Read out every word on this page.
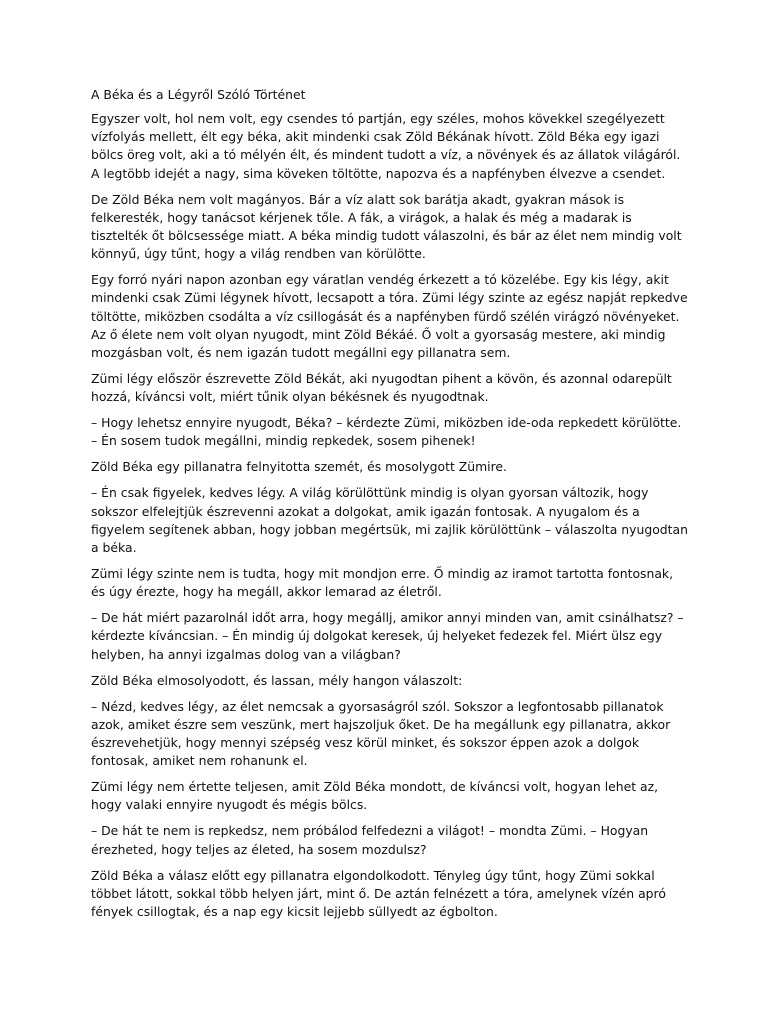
A Béka és a Légyről Szóló Történet

Egyszer volt, hol nem volt, egy csendes tó partján, egy széles, mohos kövekkel szegélyezett vízfolyás mellett, élt egy béka, akit mindenki csak Zöld Békának hívott. Zöld Béka egy igazi bölcs öreg volt, aki a tó mélyén élt, és mindent tudott a víz, a növények és az állatok világáról. A legtöbb idejét a nagy, sima köveken töltötte, napozva és a napfényben élvezve a csendet.

De Zöld Béka nem volt magányos. Bár a víz alatt sok barátja akadt, gyakran mások is felkeresték, hogy tanácsot kérjenek tőle. A fák, a virágok, a halak és még a madarak is tisztelték őt bölcsessége miatt. A béka mindig tudott válaszolni, és bár az élet nem mindig volt könnyű, úgy tűnt, hogy a világ rendben van körülötte.

Egy forró nyári napon azonban egy váratlan vendég érkezett a tó közelébe. Egy kis légy, akit mindenki csak Zümi légynek hívott, lecsapott a tóra. Zümi légy szinte az egész napját repkedve töltötte, miközben csodálta a víz csillogását és a napfényben fürdő szélén virágzó növényeket. Az ő élete nem volt olyan nyugodt, mint Zöld Békáé. Ő volt a gyorsaság mestere, aki mindig mozgásban volt, és nem igazán tudott megállni egy pillanatra sem.

Zümi légy először észrevette Zöld Békát, aki nyugodtan pihent a kövön, és azonnal odarepült hozzá, kíváncsi volt, miért tűnik olyan békésnek és nyugodtnak.

– Hogy lehetsz ennyire nyugodt, Béka? – kérdezte Zümi, miközben ide-oda repkedett körülötte. – Én sosem tudok megállni, mindig repkedek, sosem pihenek!

Zöld Béka egy pillanatra felnyitotta szemét, és mosolygott Zümire.

– Én csak figyelek, kedves légy. A világ körülöttünk mindig is olyan gyorsan változik, hogy sokszor elfelejtjük észrevenni azokat a dolgokat, amik igazán fontosak. A nyugalom és a figyelem segítenek abban, hogy jobban megértsük, mi zajlik körülöttünk – válaszolta nyugodtan a béka.

Zümi légy szinte nem is tudta, hogy mit mondjon erre. Ő mindig az iramot tartotta fontosnak, és úgy érezte, hogy ha megáll, akkor lemarad az életről.

– De hát miért pazarolnál időt arra, hogy megállj, amikor annyi minden van, amit csinálhatsz? – kérdezte kíváncsian. – Én mindig új dolgokat keresek, új helyeket fedezek fel. Miért ülsz egy helyben, ha annyi izgalmas dolog van a világban?

Zöld Béka elmosolyodott, és lassan, mély hangon válaszolt:

– Nézd, kedves légy, az élet nemcsak a gyorsaságról szól. Sokszor a legfontosabb pillanatok azok, amiket észre sem veszünk, mert hajszoljuk őket. De ha megállunk egy pillanatra, akkor észrevehetjük, hogy mennyi szépség vesz körül minket, és sokszor éppen azok a dolgok fontosak, amiket nem rohanunk el.

Zümi légy nem értette teljesen, amit Zöld Béka mondott, de kíváncsi volt, hogyan lehet az, hogy valaki ennyire nyugodt és mégis bölcs.

– De hát te nem is repkedsz, nem próbálod felfedezni a világot! – mondta Zümi. – Hogyan érezheted, hogy teljes az életed, ha sosem mozdulsz?

Zöld Béka a válasz előtt egy pillanatra elgondolkodott. Tényleg úgy tűnt, hogy Zümi sokkal többet látott, sokkal több helyen járt, mint ő. De aztán felnézett a tóra, amelynek vízén apró fények csillogtak, és a nap egy kicsit lejjebb süllyedt az égbolton.
